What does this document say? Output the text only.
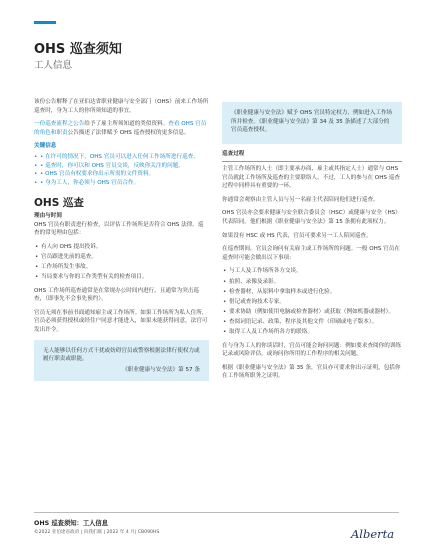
OHS 巡查须知
工人信息

该份公告解释了在亚伯达省职业健康与安全部门（OHS）前来工作场所巡查时，身为工人的你所须知道的事宜。

一份巡查流程之公告给予了雇主所须知道的类似资料。查看 OHS 官员的角色和职责公告描述了法律赋予 OHS 巡查授权的更多信息。

关键信息
• • 在许可的情况下，OHS 官员可以进入任何工作场所进行巡查。
• • 巡查时，你可以和 OHS 官员交谈，反映你关注的问题。
• • OHS 官员有权要求你出示所需的文件资料。
• • 身为工人，你必须与 OHS 官员合作。
OHS 巡查
理由与时间

OHS 官员有职责进行检查，以评估工作场所是否符合 OHS 法律。巡查的常见理由包括：

• 有人向 OHS 提出投诉。
• 官员跟进先前的巡查。
• 工作场所发生事故。
• 当局要求与你的工作类型有关的检查项目。

OHS 工作场所巡查通常是在常规办公时间内进行，且通常为突击巡查，（即事先不会事先预约）。

官员无须在事前书面通知雇主或工作场所。如果工作场所为私人住所，官员必须获得授权或经住户同意才能进入，如果未能获得同意，法官可发出许令。

无人能够以任何方式干扰或妨碍官员或警察根据法律行使权力或履行职责或职能。

《职业健康与安全法》第 57 条

《职业健康与安全法》赋予 OHS 官员特定权力，例如进入工作场所并检查。《职业健康与安全法》第 34 及 35 条描述了大部分的官员巡查授权。

巡查过程

主管工作场所的人士（即主要承办商、雇主或其指定人士）通常与 OHS 官员就此工作场所及巡查的主要联络人。不过，工人的参与在 OHS 巡查过程中同样具有重要的一环。

你通常会观察由主管人员与另一名雇主代表陪同他们进行巡查。

OHS 官员亦会要求健康与安全联合委员会（HSC）或健康与安全（HS）代表陪同。他们根据《职业健康与安全法》第 15 条拥有此项权力。

如果没有 HSC 或 HS 代表，官员可要求另一工人陪同巡查。

在巡查期间，官员会询问有关雇主或工作场所的问题。一般 OHS 官员在巡查时可能会做出以下事项：

• 与工人及工作场所各方交谈。
• 拍照、录像及录影。
• 检查器材，从原料中拿取样本或进行化验。
• 借记或查询技术专家。
• 要求协助（例如使用电脑或检查器材）或获取（例如机器或器材）。
• 查阅词语记录、政策、程序及其他文件（印刷或电子版本）。
• 取得工人及工作场所各方的联络。

在与身为工人的你谈话时，官员可能会询问问题：例如要求查阅你的训练记录或风险评估，或询问你所用的工作程序的相关问题。

根据《职业健康与安全法》第 35 条，官员亦可要求你出示证明，包括你在工作场所职务之证明。

OHS 巡查须知：工人信息
©2022 亚伯達省政府 | 向我们联 | 2022 年 4 月| CB090HS	Alberta
